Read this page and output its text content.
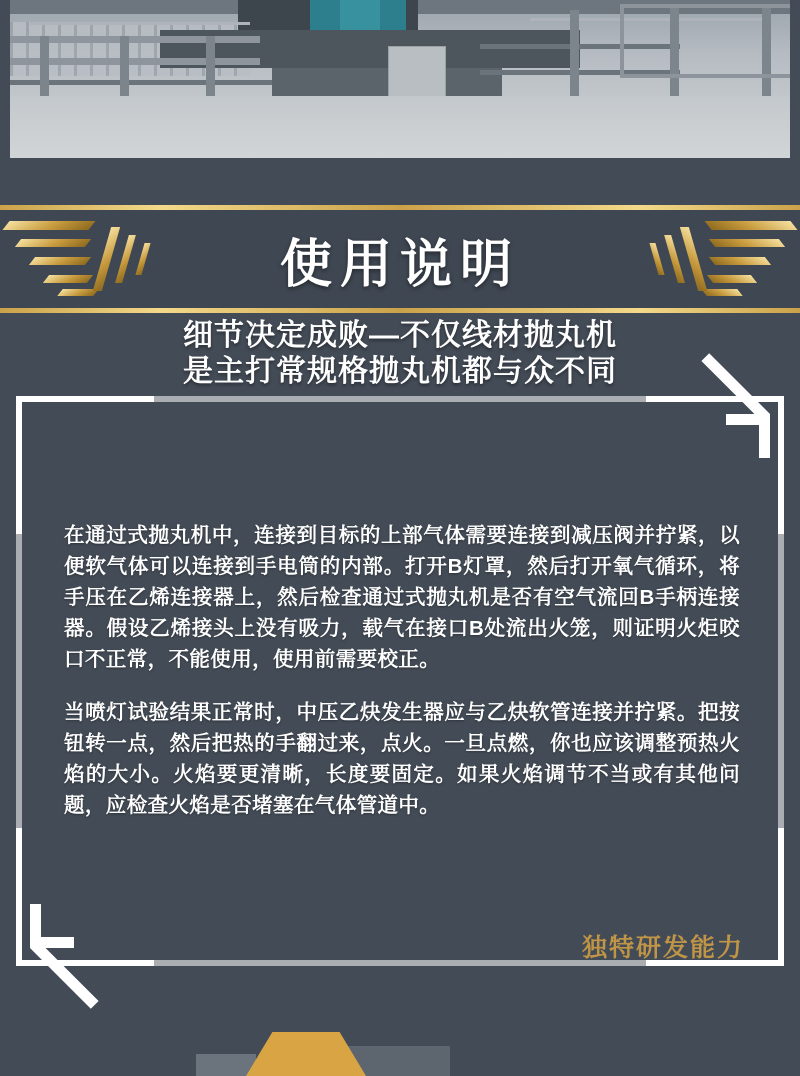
使用说明
细节决定成败—不仅线材抛丸机
是主打常规格抛丸机都与众不同

在通过式抛丸机中，连接到目标的上部气体需要连接到减压阀并拧紧，以便软气体可以连接到手电筒的内部。打开B灯罩，然后打开氧气循环，将手压在乙烯连接器上，然后检查通过式抛丸机是否有空气流回B手柄连接器。假设乙烯接头上没有吸力，载气在接口B处流出火笼，则证明火炬咬口不正常，不能使用，使用前需要校正。

当喷灯试验结果正常时，中压乙炔发生器应与乙炔软管连接并拧紧。把按钮转一点，然后把热的手翻过来，点火。一旦点燃，你也应该调整预热火焰的大小。火焰要更清晰，长度要固定。如果火焰调节不当或有其他问题，应检查火焰是否堵塞在气体管道中。

独特研发能力
